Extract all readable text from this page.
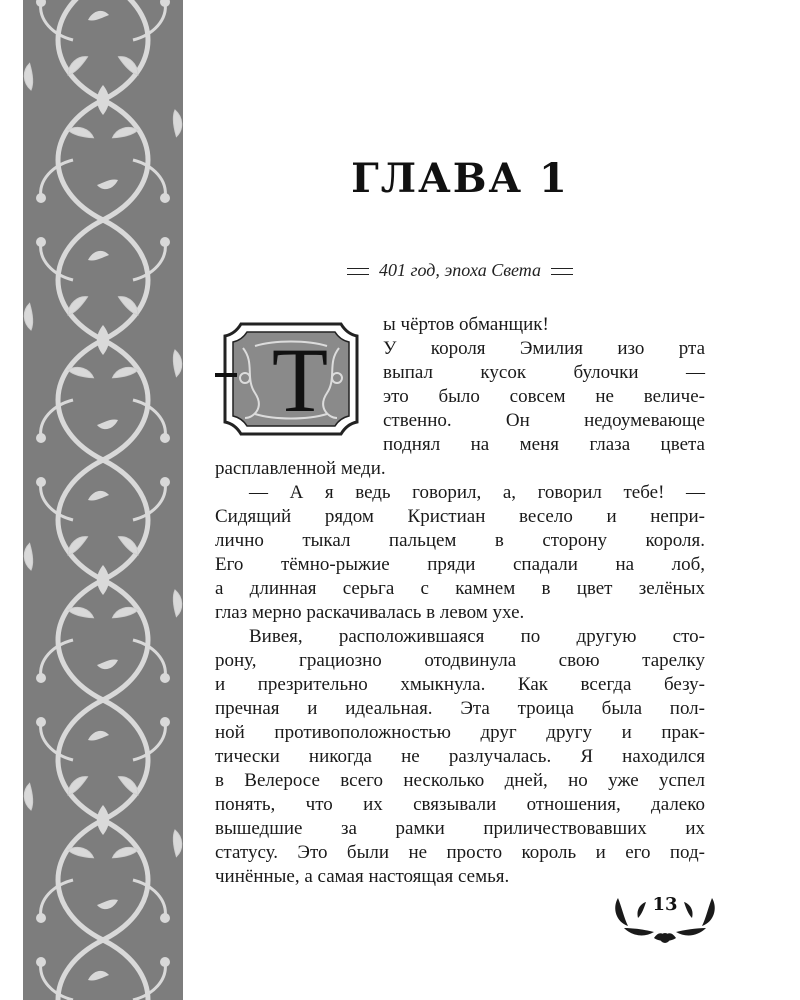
ГЛАВА 1
401 год, эпоха Света
Т
ы чёртов обманщик!
У короля Эмилия изо рта
выпал кусок булочки —
это было совсем не величе-
ственно. Он недоумевающе
поднял на меня глаза цвета
расплавленной меди.
— А я ведь говорил, а, говорил тебе! —
Сидящий рядом Кристиан весело и непри-
лично тыкал пальцем в сторону короля.
Его тёмно-рыжие пряди спадали на лоб,
а длинная серьга с камнем в цвет зелёных
глаз мерно раскачивалась в левом ухе.
Вивея, расположившаяся по другую сто-
рону, грациозно отодвинула свою тарелку
и презрительно хмыкнула. Как всегда безу-
пречная и идеальная. Эта троица была пол-
ной противоположностью друг другу и прак-
тически никогда не разлучалась. Я находился
в Велеросе всего несколько дней, но уже успел
понять, что их связывали отношения, далеко
вышедшие за рамки приличествовавших их
статусу. Это были не просто король и его под-
чинённые, а самая настоящая семья.
13
